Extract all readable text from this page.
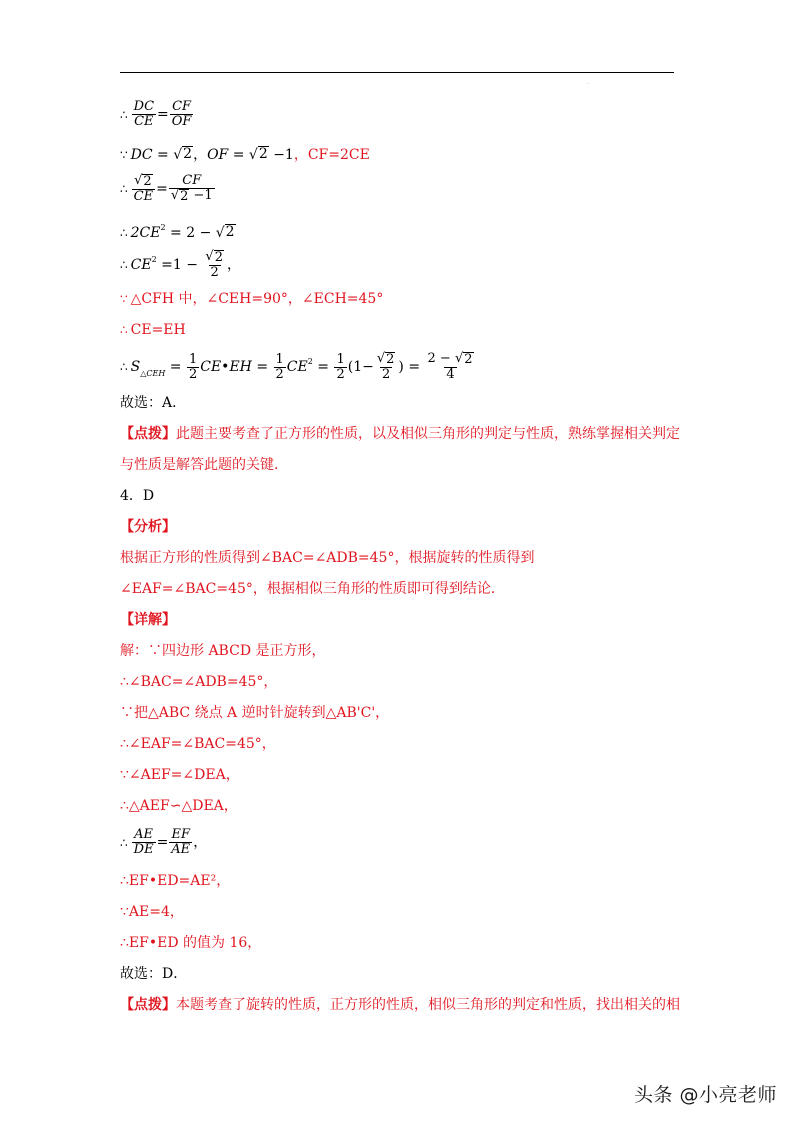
.
∴ $\frac{DC}{CE} = \frac{CF}{OF}$
∵ DC = √ 2 ，OF = √ 2 −1，CF=2CE
∴ $\frac{√ 2}{CE} = \frac{CF}{√ 2 -1}$
∴ $2CE^2 = 2$ − √ 2
∴ $CE^2 =1 - \frac{√ 2}{2}$ ，
∵ △CFH 中，∠CEH=90°，∠ECH=45°
∴ CE=EH
∴ $S_{\triangle CEH} = \frac{1}{2}$ CE•EH = $\frac{1}{2} CE^2 = \frac{1}{2} (1- \frac{√ 2}{2}$ ) = $\frac{2 - √ 2}{4}$
故选：A．
【点拨】此题主要考查了正方形的性质，以及相似三角形的判定与性质，熟练掌握相关判定与性质是解答此题的关键．
4．D
【分析】
根据正方形的性质得到∠BAC=∠ADB=45°，根据旋转的性质得到∠EAF=∠BAC=45°，根据相似三角形的性质即可得到结论．
【详解】
解：∵四边形 ABCD 是正方形，
∴∠BAC=∠ADB=45°，
∵把△ABC 绕点 A 逆时针旋转到△AB'C'，
∴∠EAF=∠BAC=45°，
∵∠AEF=∠DEA，
∴△AEF∽△DEA，
∴ $\frac{AE}{DE} = \frac{EF}{AE}$ ，
∴EF•ED=AE²，
∵AE=4，
∴EF•ED 的值为 16，
故选：D．
【点拨】本题考查了旋转的性质，正方形的性质，相似三角形的判定和性质，找出相关的相
头条 @小亮老师
